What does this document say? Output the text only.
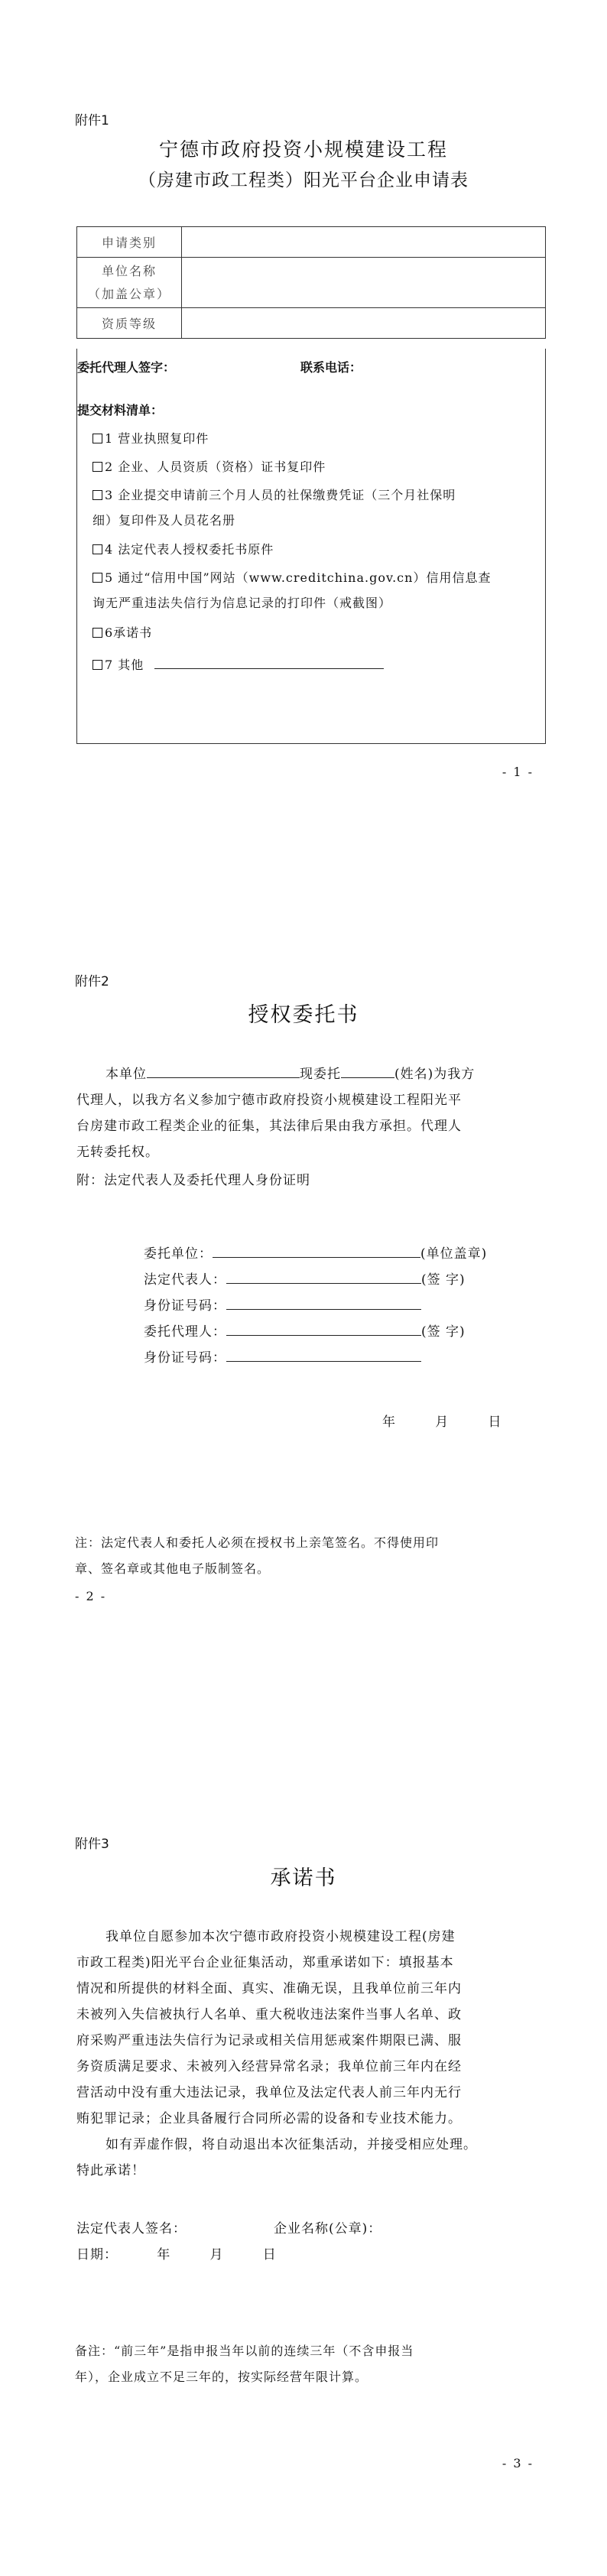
附件1
宁德市政府投资小规模建设工程
（房建市政工程类）阳光平台企业申请表
申请类别	

单位名称
（加盖公章）	

资质等级	
委托代理人签字：	联系电话：
提交材料清单：
1 营业执照复印件
2 企业、人员资质（资格）证书复印件
3 企业提交申请前三个月人员的社保缴费凭证（三个月社保明
细）复印件及人员花名册
4 法定代表人授权委托书原件
5 通过“信用中国”网站（www.creditchina.gov.cn）信用信息查
询无严重违法失信行为信息记录的打印件（戒截图）
6承诺书
7 其他
- 1 -
附件2
授权委托书
本单位	现委托	(姓名)为我方
代理人，以我方名义参加宁德市政府投资小规模建设工程阳光平
台房建市政工程类企业的征集，其法律后果由我方承担。代理人
无转委托权。
附：法定代表人及委托代理人身份证明
委托单位：	(单位盖章)
法定代表人：	(签 字)
身份证号码：
委托代理人：	(签 字)
身份证号码：
年        月        日
注：法定代表人和委托人必须在授权书上亲笔签名。不得使用印
章、签名章或其他电子版制签名。
- 2 -
附件3
承诺书
我单位自愿参加本次宁德市政府投资小规模建设工程(房建
市政工程类)阳光平台企业征集活动，郑重承诺如下：填报基本
情况和所提供的材料全面、真实、准确无误，且我单位前三年内
未被列入失信被执行人名单、重大税收违法案件当事人名单、政
府采购严重违法失信行为记录或相关信用惩戒案件期限已满、服
务资质满足要求、未被列入经营异常名录；我单位前三年内在经
营活动中没有重大违法记录，我单位及法定代表人前三年内无行
贿犯罪记录；企业具备履行合同所必需的设备和专业技术能力。
如有弄虚作假，将自动退出本次征集活动，并接受相应处理。
特此承诺！
法定代表人签名：	企业名称(公章)：
日期：        年        月        日
备注：“前三年”是指申报当年以前的连续三年（不含申报当
年），企业成立不足三年的，按实际经营年限计算。
- 3 -
